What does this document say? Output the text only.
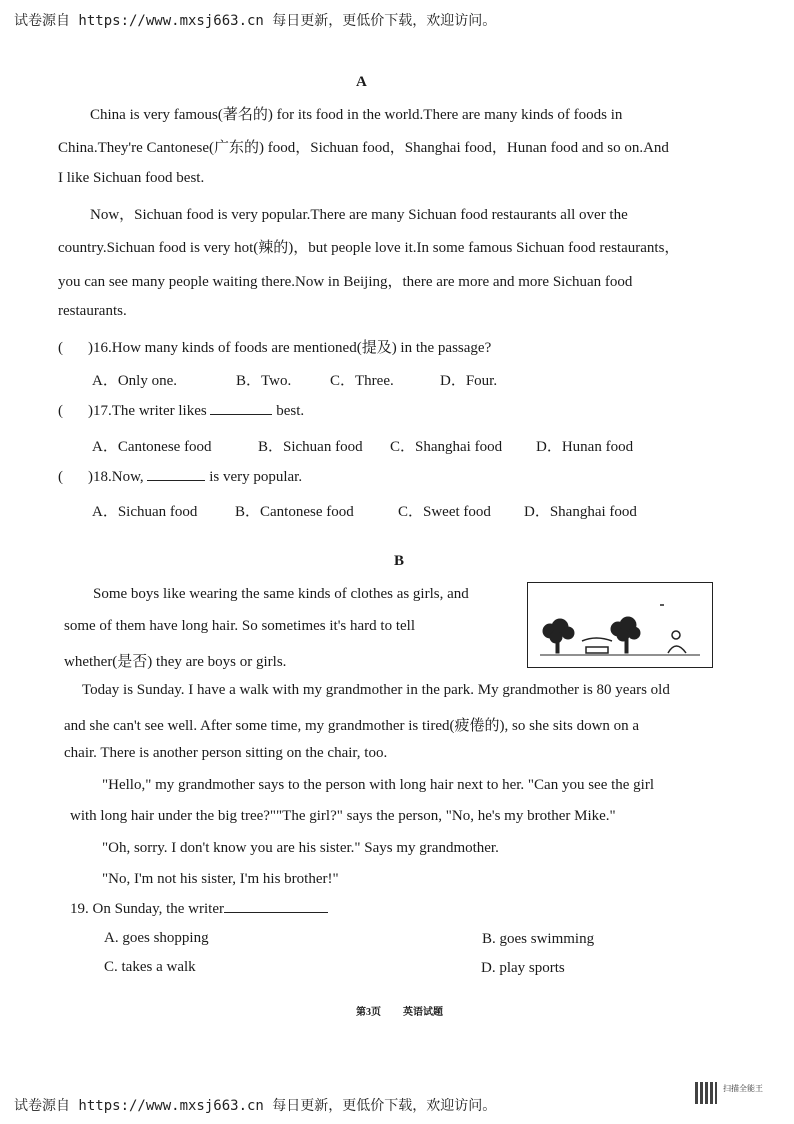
试卷源自 https://www.mxsj663.cn 每日更新，更低价下载，欢迎访问。
A
China is very famous(著名的) for its food in the world.There are many kinds of foods in
China.They're Cantonese(广东的) food，Sichuan food，Shanghai food，Hunan food and so on.And
I like Sichuan food best.
Now，Sichuan food is very popular.There are many Sichuan food restaurants all over the
country.Sichuan food is very hot(辣的)，but people love it.In some famous Sichuan food restaurants，
you can see many people waiting there.Now in Beijing，there are more and more Sichuan food
restaurants.
( )16.How many kinds of foods are mentioned(提及) in the passage?
A．Only one.	B．Two.	C．Three.	D．Four.
( )17.The writer likes	best.
A．Cantonese food	B．Sichuan food C．Shanghai food D．Hunan food
( )18.Now,	is very popular.
A．Sichuan food	B．Cantonese food	C．Sweet food D．Shanghai food
B
Some boys like wearing the same kinds of clothes as girls, and
some of them have long hair. So sometimes it's hard to tell
whether(是否) they are boys or girls.
Today is Sunday. I have a walk with my grandmother in the park. My grandmother is 80 years old
and she can't see well. After some time, my grandmother is tired(疲倦的), so she sits down on a
chair. There is another person sitting on the chair, too.
"Hello," my grandmother says to the person with long hair next to her. "Can you see the girl
with long hair under the big tree?""The girl?" says the person, "No, he's my brother Mike."
"Oh, sorry. I don't know you are his sister." Says my grandmother.
"No, I'm not his sister, I'm his brother!"
19. On Sunday, the writer
A. goes shopping	B. goes swimming
C. takes a walk	D. play sports
第3页 英语试题
试卷源自 https://www.mxsj663.cn 每日更新，更低价下载，欢迎访问。
扫描全能王
